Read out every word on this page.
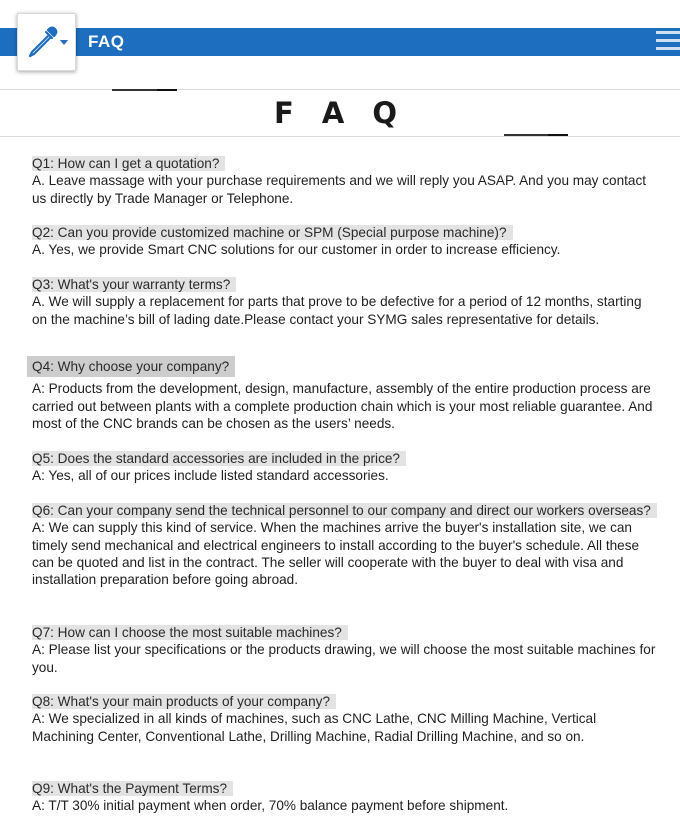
FAQ
F A Q
Q1: How can I get a quotation?
A. Leave massage with your purchase requirements and we will reply you ASAP. And you may contact us directly by Trade Manager or Telephone.
Q2: Can you provide customized machine or SPM (Special purpose machine)?
A. Yes, we provide Smart CNC solutions for our customer in order to increase efficiency.
Q3: What's your warranty terms?
A. We will supply a replacement for parts that prove to be defective for a period of 12 months, starting on the machine’s bill of lading date.Please contact your SYMG sales representative for details.
Q4: Why choose your company?
A: Products from the development, design, manufacture, assembly of the entire production process are carried out between plants with a complete production chain which is your most reliable guarantee. And most of the CNC brands can be chosen as the users’ needs.
Q5: Does the standard accessories are included in the price?
A: Yes, all of our prices include listed standard accessories.
Q6: Can your company send the technical personnel to our company and direct our workers overseas?
A: We can supply this kind of service. When the machines arrive the buyer's installation site, we can timely send mechanical and electrical engineers to install according to the buyer's schedule. All these can be quoted and list in the contract. The seller will cooperate with the buyer to deal with visa and installation preparation before going abroad.
Q7: How can I choose the most suitable machines?
A: Please list your specifications or the products drawing, we will choose the most suitable machines for you.
Q8: What's your main products of your company?
A: We specialized in all kinds of machines, such as CNC Lathe, CNC Milling Machine, Vertical Machining Center, Conventional Lathe, Drilling Machine, Radial Drilling Machine, and so on.
Q9: What's the Payment Terms?
A: T/T 30% initial payment when order, 70% balance payment before shipment.
